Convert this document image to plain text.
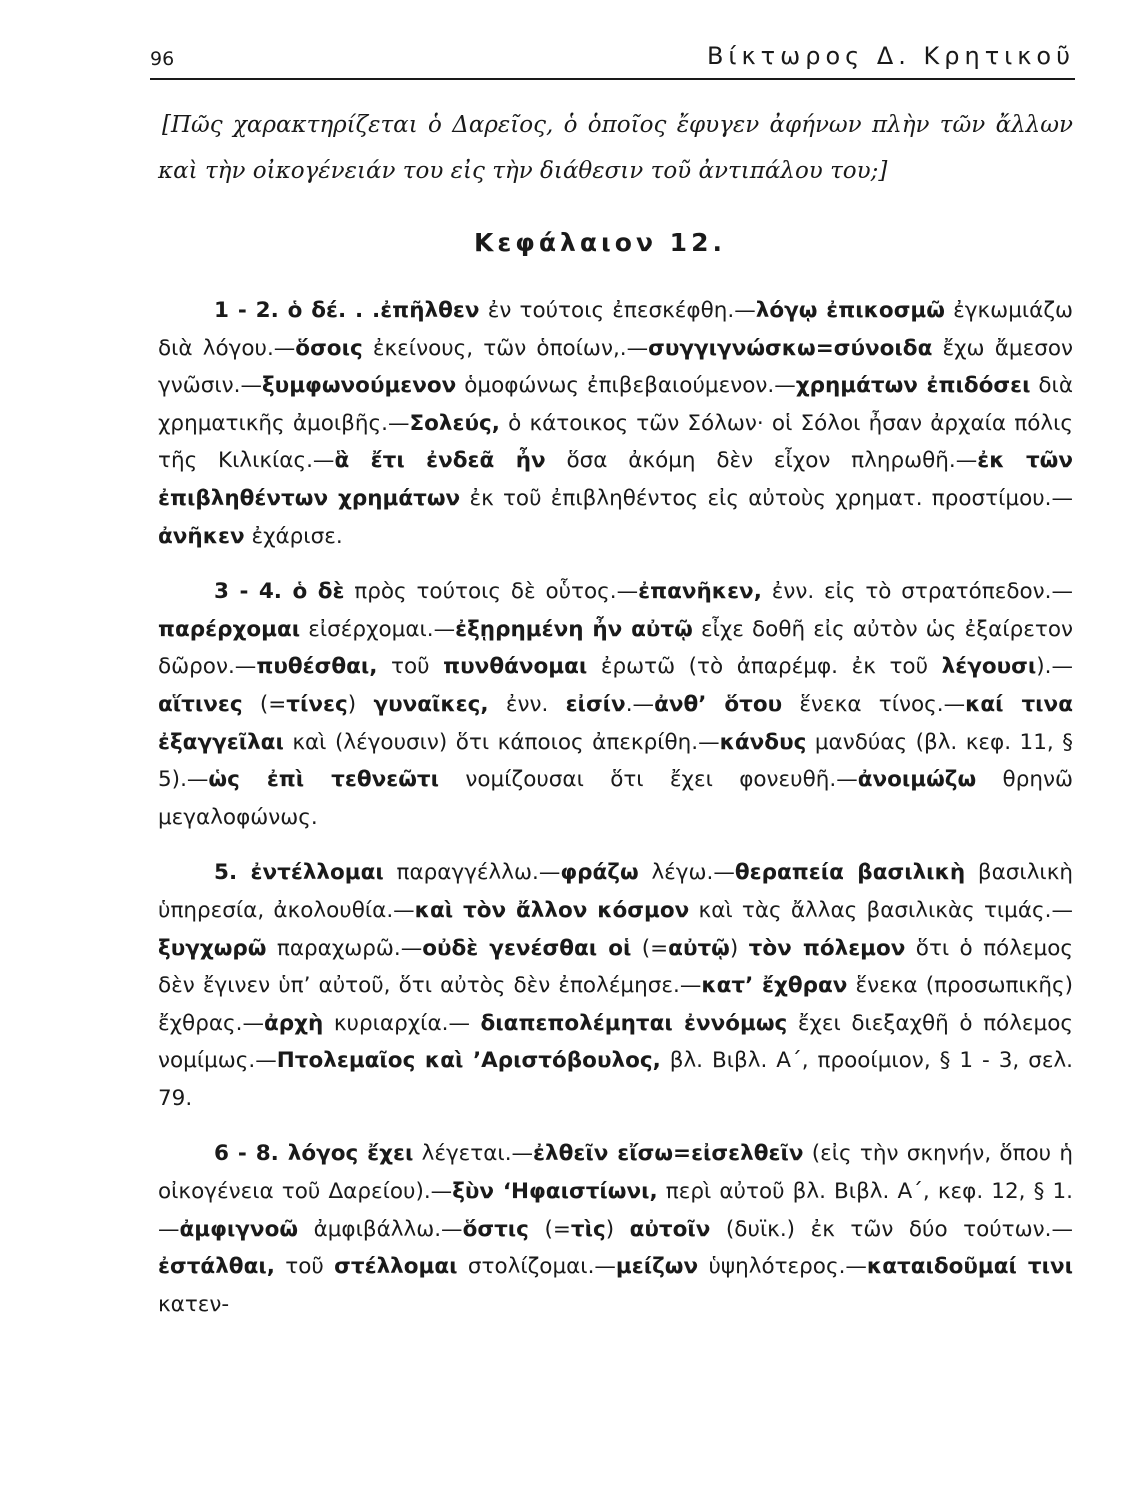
96	Βίκτωρος Δ. Κρητικοῦ
[Πῶς χαρακτηρίζεται ὁ Δαρεῖος, ὁ ὁποῖος ἔφυγεν ἀφήνων πλὴν τῶν ἄλλων καὶ τὴν οἰκογένειάν του εἰς τὴν διάθεσιν τοῦ ἀντιπάλου του;]
Κεφάλαιον 12.

1 - 2. ὁ δέ. . .ἐπῆλθεν ἐν τούτοις ἐπεσκέφθη.—λόγῳ ἐπικοσμῶ ἐγκωμιάζω διὰ λόγου.—ὅσοις ἐκείνους, τῶν ὁποίων,.—συγγιγνώσκω=σύνοιδα ἔχω ἄμεσον γνῶσιν.—ξυμφωνούμενον ὁμοφώνως ἐπιβεβαιούμενον.—χρημάτων ἐπιδόσει διὰ χρηματικῆς ἀμοιβῆς.—Σολεύς, ὁ κάτοικος τῶν Σόλων· οἱ Σόλοι ἦσαν ἀρχαία πόλις τῆς Κιλικίας.—ἃ ἔτι ἐνδεᾶ ἦν ὅσα ἀκόμη δὲν εἶχον πληρωθῆ.—ἐκ τῶν ἐπιβληθέντων χρημάτων ἐκ τοῦ ἐπιβληθέντος εἰς αὐτοὺς χρηματ. προστίμου.—ἀνῆκεν ἐχάρισε.

3 - 4. ὁ δὲ πρὸς τούτοις δὲ οὗτος.—ἐπανῆκεν, ἐνν. εἰς τὸ στρατόπεδον.—παρέρχομαι εἰσέρχομαι.—ἐξῃρημένη ἦν αὐτῷ εἶχε δοθῆ εἰς αὐτὸν ὡς ἐξαίρετον δῶρον.—πυθέσθαι, τοῦ πυνθάνομαι ἐρωτῶ (τὸ ἀπαρέμφ. ἐκ τοῦ λέγουσι).—αἵτινες (=τίνες) γυναῖκες, ἐνν. εἰσίν.—ἀνθ’ ὅτου ἕνεκα τίνος.—καί τινα ἐξαγγεῖλαι καὶ (λέγουσιν) ὅτι κάποιος ἀπεκρίθη.—κάνδυς μανδύας (βλ. κεφ. 11, § 5).—ὡς ἐπὶ τεθνεῶτι νομίζουσαι ὅτι ἔχει φονευθῆ.—ἀνοιμώζω θρηνῶ μεγαλοφώνως.

5. ἐντέλλομαι παραγγέλλω.—φράζω λέγω.—θεραπεία βασιλικὴ βασιλικὴ ὑπηρεσία, ἀκολουθία.—καὶ τὸν ἄλλον κόσμον καὶ τὰς ἄλλας βασιλικὰς τιμάς.—ξυγχωρῶ παραχωρῶ.—οὐδὲ γενέσθαι οἱ (=αὐτῷ) τὸν πόλεμον ὅτι ὁ πόλεμος δὲν ἔγινεν ὑπ’ αὐτοῦ, ὅτι αὐτὸς δὲν ἐπολέμησε.—κατ’ ἔχθραν ἕνεκα (προσωπικῆς) ἔχθρας.—ἀρχὴ κυριαρχία.— διαπεπολέμηται ἐννόμως ἔχει διεξαχθῆ ὁ πόλεμος νομίμως.—Πτολεμαῖος καὶ ’Αριστόβουλος, βλ. Βιβλ. Α΄, προοίμιον, § 1 - 3, σελ. 79.

6 - 8. λόγος ἔχει λέγεται.—ἐλθεῖν εἴσω=εἰσελθεῖν (εἰς τὴν σκηνήν, ὅπου ἡ οἰκογένεια τοῦ Δαρείου).—ξὺν ‘Ηφαιστίωνι, περὶ αὐτοῦ βλ. Βιβλ. Α΄, κεφ. 12, § 1.—ἀμφιγνοῶ ἀμφιβάλλω.—ὅστις (=τὶς) αὐτοῖν (δυϊκ.) ἐκ τῶν δύο τούτων.—ἐστάλθαι, τοῦ στέλλομαι στολίζομαι.—μείζων ὑψηλότερος.—καταιδοῦμαί τινι κατεν-
